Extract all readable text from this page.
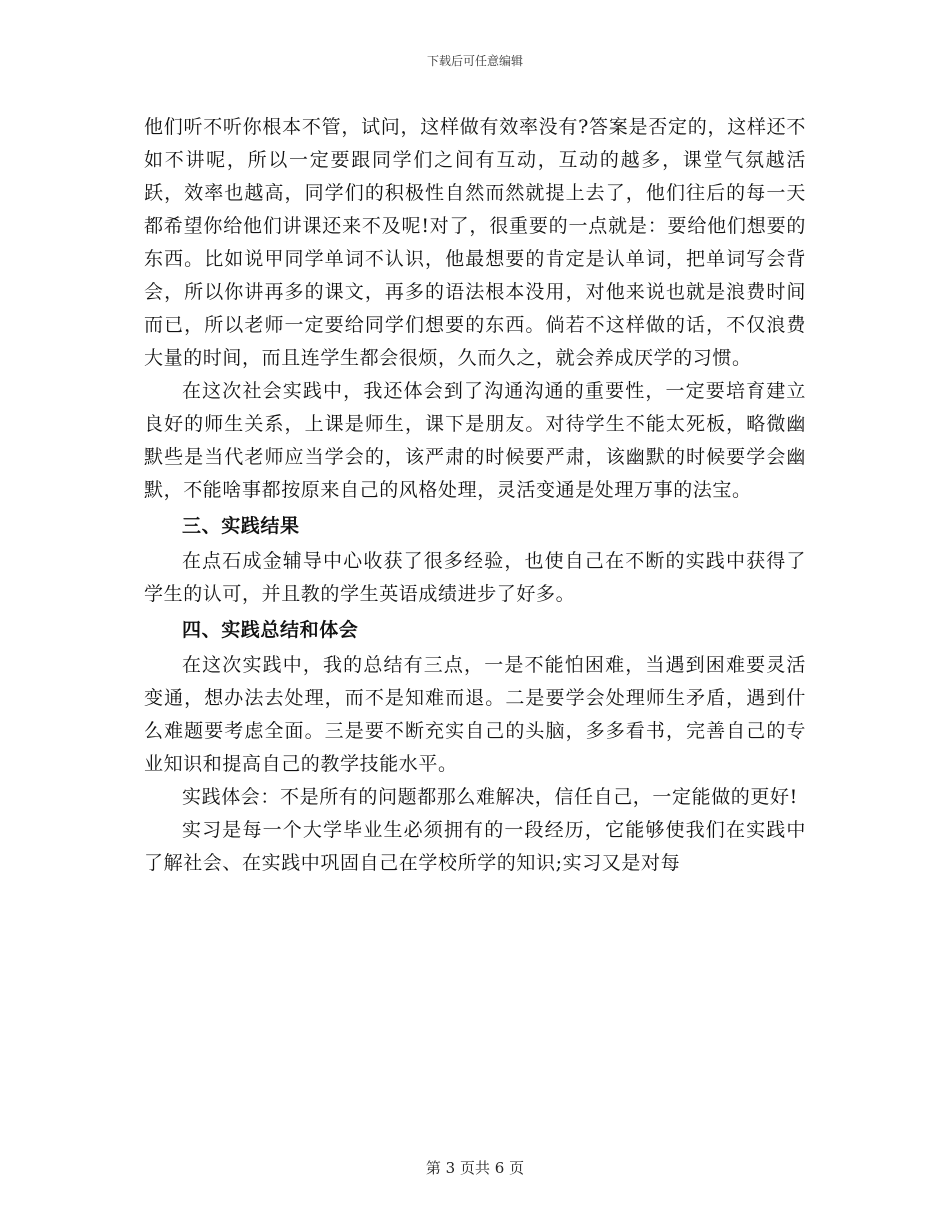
下载后可任意编辑

他们听不听你根本不管，试问，这样做有效率没有?答案是否定的，这样还不如不讲呢，所以一定要跟同学们之间有互动，互动的越多，课堂气氛越活跃，效率也越高，同学们的积极性自然而然就提上去了，他们往后的每一天都希望你给他们讲课还来不及呢!对了，很重要的一点就是：要给他们想要的东西。比如说甲同学单词不认识，他最想要的肯定是认单词，把单词写会背会，所以你讲再多的课文，再多的语法根本没用，对他来说也就是浪费时间而已，所以老师一定要给同学们想要的东西。倘若不这样做的话，不仅浪费大量的时间，而且连学生都会很烦，久而久之，就会养成厌学的习惯。

在这次社会实践中，我还体会到了沟通沟通的重要性，一定要培育建立良好的师生关系，上课是师生，课下是朋友。对待学生不能太死板，略微幽默些是当代老师应当学会的，该严肃的时候要严肃，该幽默的时候要学会幽默，不能啥事都按原来自己的风格处理，灵活变通是处理万事的法宝。

三、实践结果

在点石成金辅导中心收获了很多经验，也使自己在不断的实践中获得了学生的认可，并且教的学生英语成绩进步了好多。

四、实践总结和体会

在这次实践中，我的总结有三点，一是不能怕困难，当遇到困难要灵活变通，想办法去处理，而不是知难而退。二是要学会处理师生矛盾，遇到什么难题要考虑全面。三是要不断充实自己的头脑，多多看书，完善自己的专业知识和提高自己的教学技能水平。

实践体会：不是所有的问题都那么难解决，信任自己，一定能做的更好!

实习是每一个大学毕业生必须拥有的一段经历，它能够使我们在实践中了解社会、在实践中巩固自己在学校所学的知识;实习又是对每

第 3 页共 6 页
